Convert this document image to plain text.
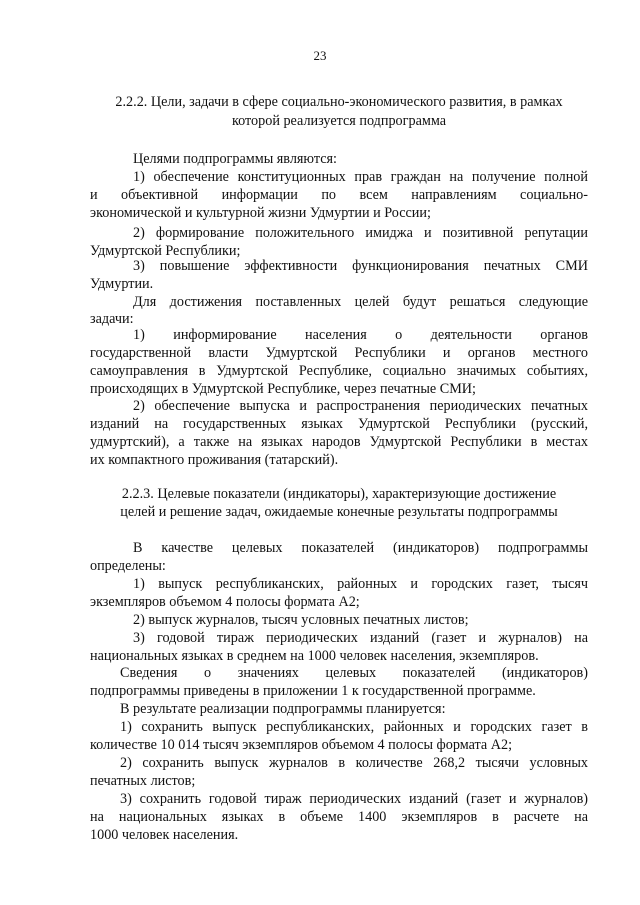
23
2.2.2. Цели, задачи в сфере социально-экономического развития, в рамках
которой реализуется подпрограмма
Целями подпрограммы являются:
1) обеспечение конституционных прав граждан на получение полной
и объективной информации по всем направлениям социально-
экономической и культурной жизни Удмуртии и России;
2) формирование положительного имиджа и позитивной репутации
Удмуртской Республики;
3) повышение эффективности функционирования печатных СМИ
Удмуртии.
Для достижения поставленных целей будут решаться следующие
задачи:
1) информирование населения о деятельности органов
государственной власти Удмуртской Республики и органов местного
самоуправления в Удмуртской Республике, социально значимых событиях,
происходящих в Удмуртской Республике, через печатные СМИ;
2) обеспечение выпуска и распространения периодических печатных
изданий на государственных языках Удмуртской Республики (русский,
удмуртский), а также на языках народов Удмуртской Республики в местах
их компактного проживания (татарский).
2.2.3. Целевые показатели (индикаторы), характеризующие достижение
целей и решение задач, ожидаемые конечные результаты подпрограммы
В качестве целевых показателей (индикаторов) подпрограммы
определены:
1) выпуск республиканских, районных и городских газет, тысяч
экземпляров объемом 4 полосы формата А2;
2) выпуск журналов, тысяч условных печатных листов;
3) годовой тираж периодических изданий (газет и журналов) на
национальных языках в среднем на 1000 человек населения, экземпляров.
Сведения о значениях целевых показателей (индикаторов)
подпрограммы приведены в приложении 1 к государственной программе.
В результате реализации подпрограммы планируется:
1) сохранить выпуск республиканских, районных и городских газет в
количестве 10 014 тысяч экземпляров объемом 4 полосы формата А2;
2) сохранить выпуск журналов в количестве 268,2 тысячи условных
печатных листов;
3) сохранить годовой тираж периодических изданий (газет и журналов)
на национальных языках в объеме 1400 экземпляров в расчете на
1000 человек населения.
